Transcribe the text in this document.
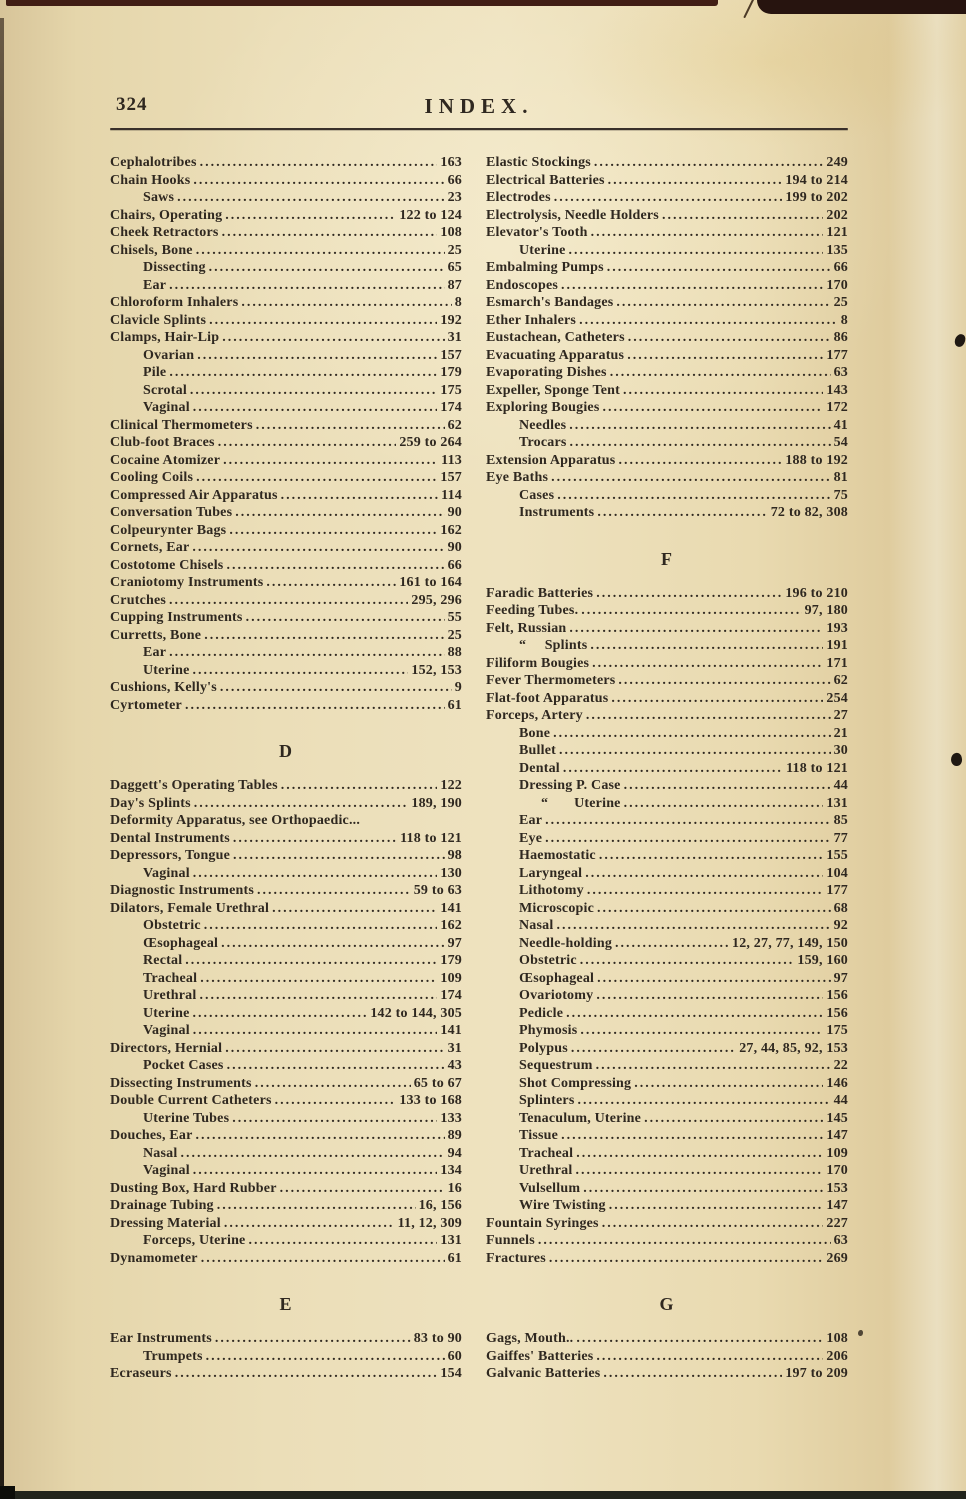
324	INDEX.
Cephalotribes .....	163
Chain Hooks .....	66
Saws .....	23
Chairs, Operating .....	122 to 124
Cheek Retractors .....	108
Chisels, Bone .....	25
Dissecting .....	65
Ear .....	87
Chloroform Inhalers .....	8
Clavicle Splints .....	192
Clamps, Hair-Lip .....	31
Ovarian .....	157
Pile .....	179
Scrotal .....	175
Vaginal .....	174
Clinical Thermometers .....	62
Club-foot Braces .....	259 to 264
Cocaine Atomizer .....	113
Cooling Coils .....	157
Compressed Air Apparatus .....	114
Conversation Tubes .....	90
Colpeurynter Bags .....	162
Cornets, Ear .....	90
Costotome Chisels .....	66
Craniotomy Instruments .....	161 to 164
Crutches .....	295, 296
Cupping Instruments .....	55
Curretts, Bone .....	25
Ear .....	88
Uterine .....	152, 153
Cushions, Kelly's .....	9
Cyrtometer .....	61
D
Daggett's Operating Tables .....	122
Day's Splints .....	189, 190
Deformity Apparatus, see Orthopaedic...
Dental Instruments .....	118 to 121
Depressors, Tongue .....	98
Vaginal .....	130
Diagnostic Instruments .....	59 to 63
Dilators, Female Urethral .....	141
Obstetric .....	162
Œsophageal .....	97
Rectal .....	179
Tracheal .....	109
Urethral .....	174
Uterine .....	142 to 144, 305
Vaginal .....	141
Directors, Hernial .....	31
Pocket Cases .....	43
Dissecting Instruments .....	65 to 67
Double Current Catheters .....	133 to 168
Uterine Tubes .....	133
Douches, Ear .....	89
Nasal .....	94
Vaginal .....	134
Dusting Box, Hard Rubber .....	16
Drainage Tubing .....	16, 156
Dressing Material .....	11, 12, 309
Forceps, Uterine .....	131
Dynamometer .....	61
E
Ear Instruments .....	83 to 90
Trumpets .....	60
Ecraseurs .....	154
Elastic Stockings .....	249
Electrical Batteries .....	194 to 214
Electrodes .....	199 to 202
Electrolysis, Needle Holders .....	202
Elevator's Tooth .....	121
Uterine .....	135
Embalming Pumps .....	66
Endoscopes .....	170
Esmarch's Bandages .....	25
Ether Inhalers .....	8
Eustachean, Catheters .....	86
Evacuating Apparatus .....	177
Evaporating Dishes .....	63
Expeller, Sponge Tent .....	143
Exploring Bougies .....	172
Needles .....	41
Trocars .....	54
Extension Apparatus .....	188 to 192
Eye Baths .....	81
Cases .....	75
Instruments .....	72 to 82, 308
F
Faradic Batteries .....	196 to 210
Feeding Tubes. .....	97, 180
Felt, Russian .....	193
“     Splints .....	191
Filiform Bougies .....	171
Fever Thermometers .....	62
Flat-foot Apparatus .....	254
Forceps, Artery .....	27
Bone .....	21
Bullet .....	30
Dental .....	118 to 121
Dressing P. Case .....	44
“       Uterine .....	131
Ear .....	85
Eye .....	77
Haemostatic .....	155
Laryngeal .....	104
Lithotomy .....	177
Microscopic .....	68
Nasal .....	92
Needle-holding .....	12, 27, 77, 149, 150
Obstetric .....	159, 160
Œsophageal .....	97
Ovariotomy .....	156
Pedicle .....	156
Phymosis .....	175
Polypus .....	27, 44, 85, 92, 153
Sequestrum .....	22
Shot Compressing .....	146
Splinters .....	44
Tenaculum, Uterine .....	145
Tissue .....	147
Tracheal .....	109
Urethral .....	170
Vulsellum .....	153
Wire Twisting .....	147
Fountain Syringes .....	227
Funnels .....	63
Fractures .....	269
G
Gags, Mouth.. .....	108
Gaiffes' Batteries .....	206
Galvanic Batteries .....	197 to 209
